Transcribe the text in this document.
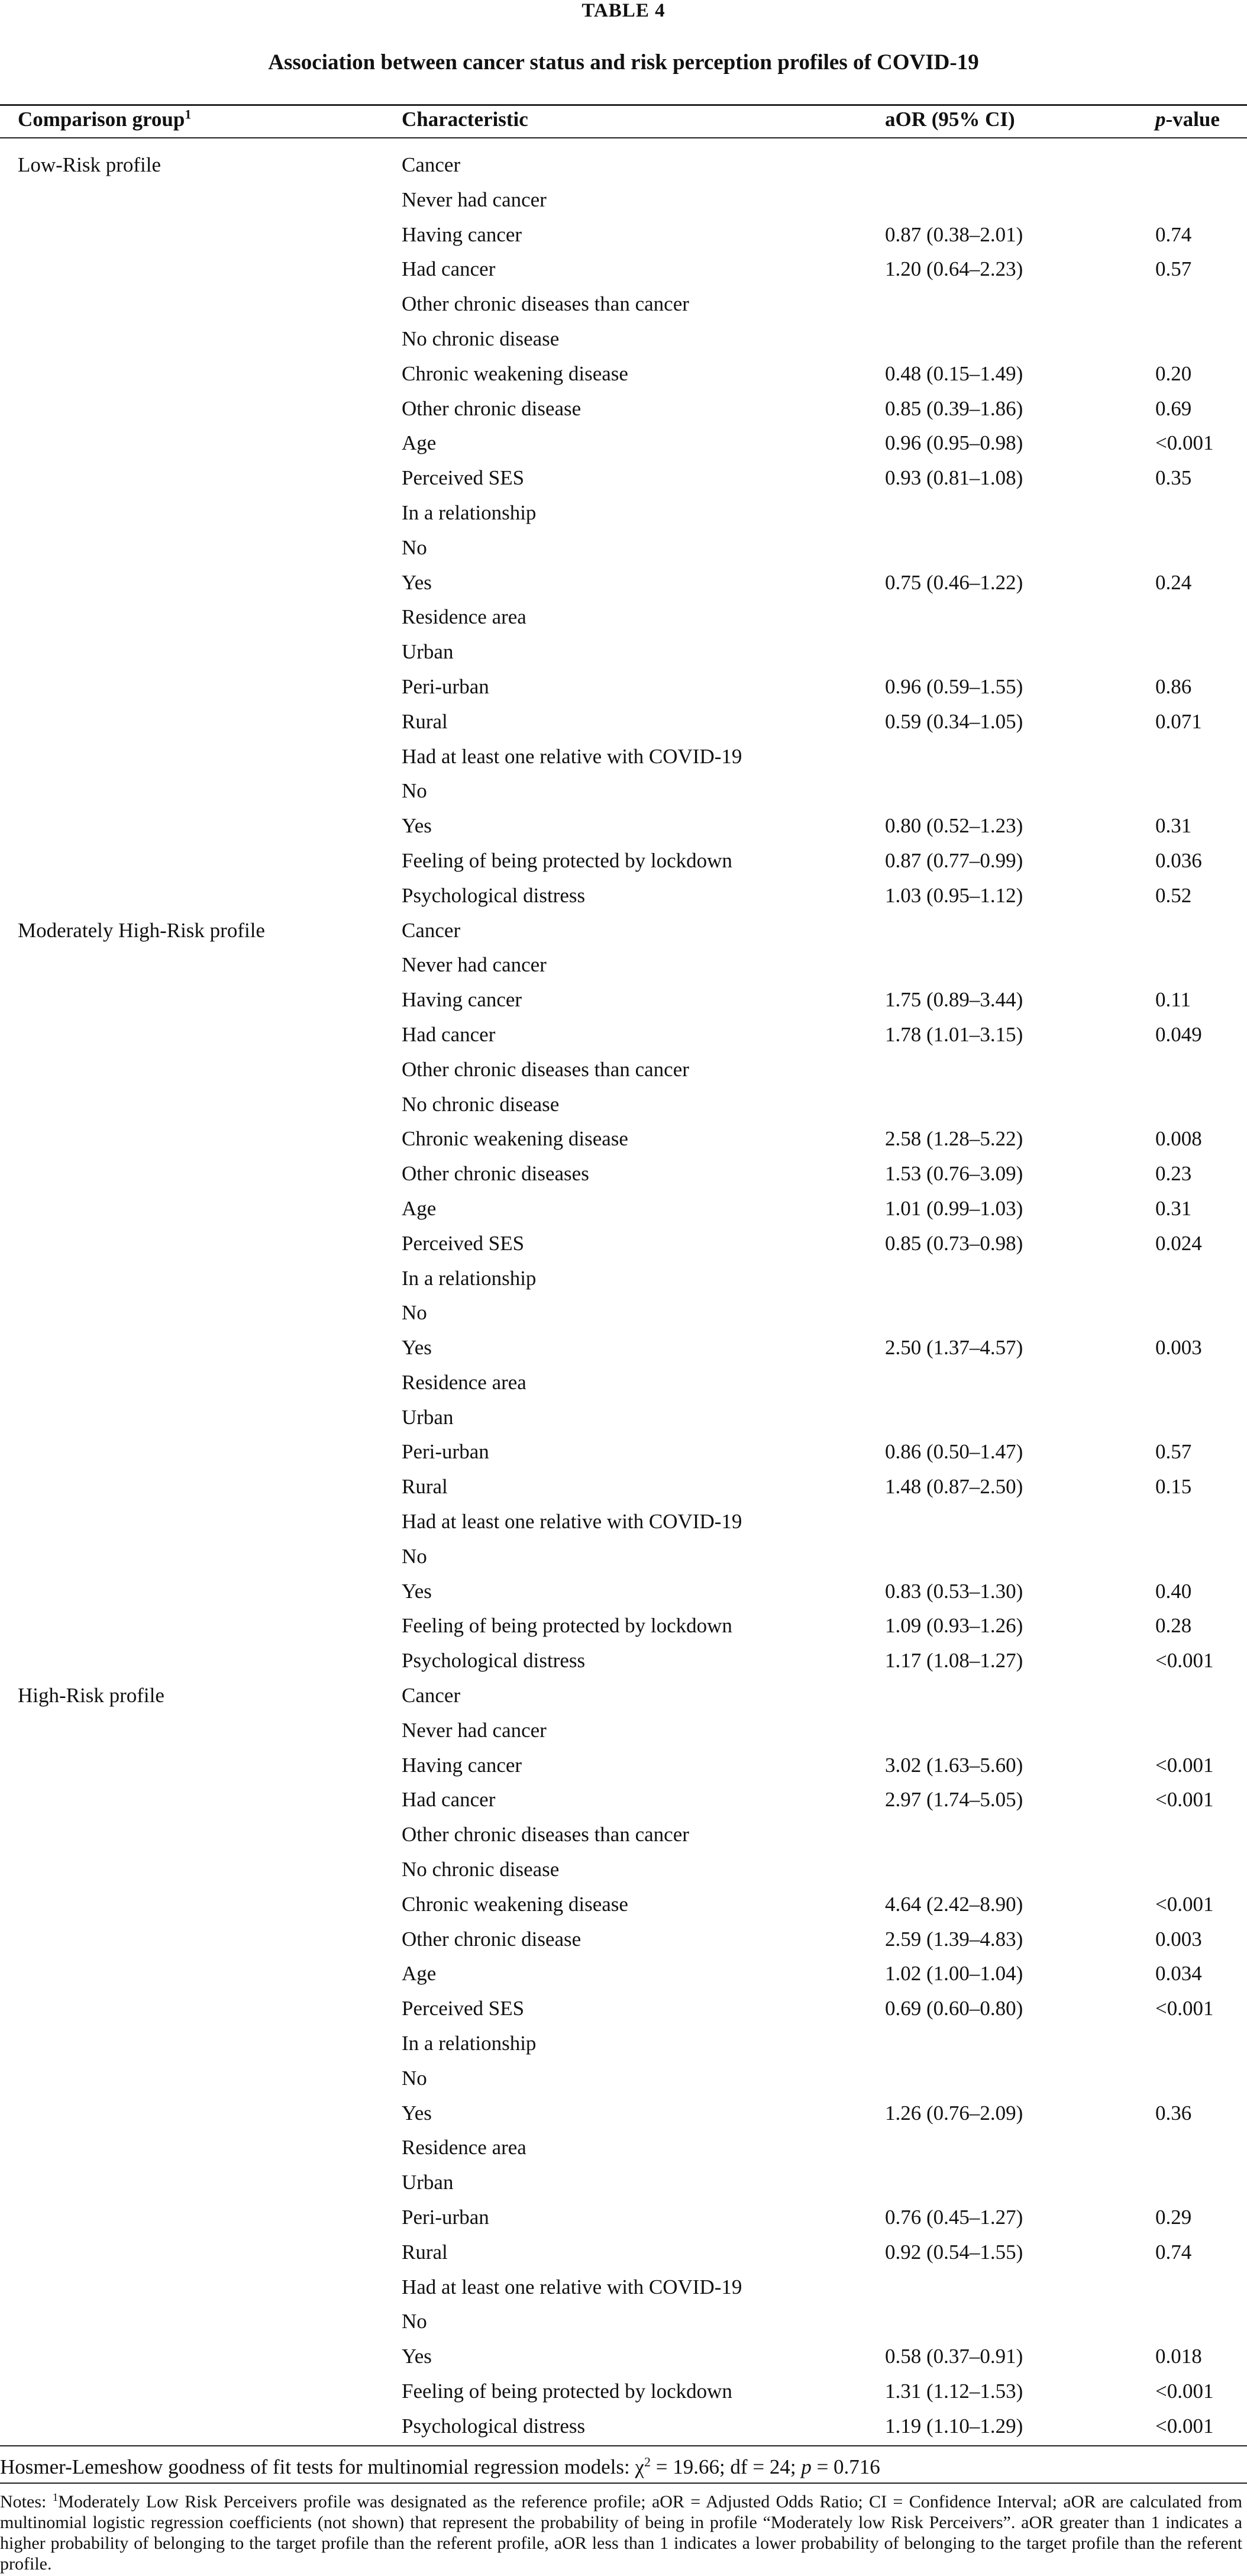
TABLE 4
Association between cancer status and risk perception profiles of COVID-19
Comparison group$^1$	Characteristic	aOR (95% CI)	p-value
Low-Risk profile	Cancer
Never had cancer
Having cancer	0.87 (0.38–2.01)	0.74
Had cancer	1.20 (0.64–2.23)	0.57
Other chronic diseases than cancer
No chronic disease
Chronic weakening disease	0.48 (0.15–1.49)	0.20
Other chronic disease	0.85 (0.39–1.86)	0.69
Age	0.96 (0.95–0.98)	<0.001
Perceived SES	0.93 (0.81–1.08)	0.35
In a relationship
No
Yes	0.75 (0.46–1.22)	0.24
Residence area
Urban
Peri-urban	0.96 (0.59–1.55)	0.86
Rural	0.59 (0.34–1.05)	0.071
Had at least one relative with COVID-19
No
Yes	0.80 (0.52–1.23)	0.31
Feeling of being protected by lockdown	0.87 (0.77–0.99)	0.036
Psychological distress	1.03 (0.95–1.12)	0.52
Moderately High-Risk profile	Cancer
Never had cancer
Having cancer	1.75 (0.89–3.44)	0.11
Had cancer	1.78 (1.01–3.15)	0.049
Other chronic diseases than cancer
No chronic disease
Chronic weakening disease	2.58 (1.28–5.22)	0.008
Other chronic diseases	1.53 (0.76–3.09)	0.23
Age	1.01 (0.99–1.03)	0.31
Perceived SES	0.85 (0.73–0.98)	0.024
In a relationship
No
Yes	2.50 (1.37–4.57)	0.003
Residence area
Urban
Peri-urban	0.86 (0.50–1.47)	0.57
Rural	1.48 (0.87–2.50)	0.15
Had at least one relative with COVID-19
No
Yes	0.83 (0.53–1.30)	0.40
Feeling of being protected by lockdown	1.09 (0.93–1.26)	0.28
Psychological distress	1.17 (1.08–1.27)	<0.001
High-Risk profile	Cancer
Never had cancer
Having cancer	3.02 (1.63–5.60)	<0.001
Had cancer	2.97 (1.74–5.05)	<0.001
Other chronic diseases than cancer
No chronic disease
Chronic weakening disease	4.64 (2.42–8.90)	<0.001
Other chronic disease	2.59 (1.39–4.83)	0.003
Age	1.02 (1.00–1.04)	0.034
Perceived SES	0.69 (0.60–0.80)	<0.001
In a relationship
No
Yes	1.26 (0.76–2.09)	0.36
Residence area
Urban
Peri-urban	0.76 (0.45–1.27)	0.29
Rural	0.92 (0.54–1.55)	0.74
Had at least one relative with COVID-19
No
Yes	0.58 (0.37–0.91)	0.018
Feeling of being protected by lockdown	1.31 (1.12–1.53)	<0.001
Psychological distress	1.19 (1.10–1.29)	<0.001
Hosmer-Lemeshow goodness of fit tests for multinomial regression models: $\chi^2 = 19.66$; df = 24; p = 0.716
Notes: $^1$Moderately Low Risk Perceivers profile was designated as the reference profile; aOR = Adjusted Odds Ratio; CI = Confidence Interval; aOR are calculated from multinomial logistic regression coefficients (not shown) that represent the probability of being in profile “Moderately low Risk Perceivers”. aOR greater than 1 indicates a higher probability of belonging to the target profile than the referent profile, aOR less than 1 indicates a lower probability of belonging to the target profile than the referent profile.
